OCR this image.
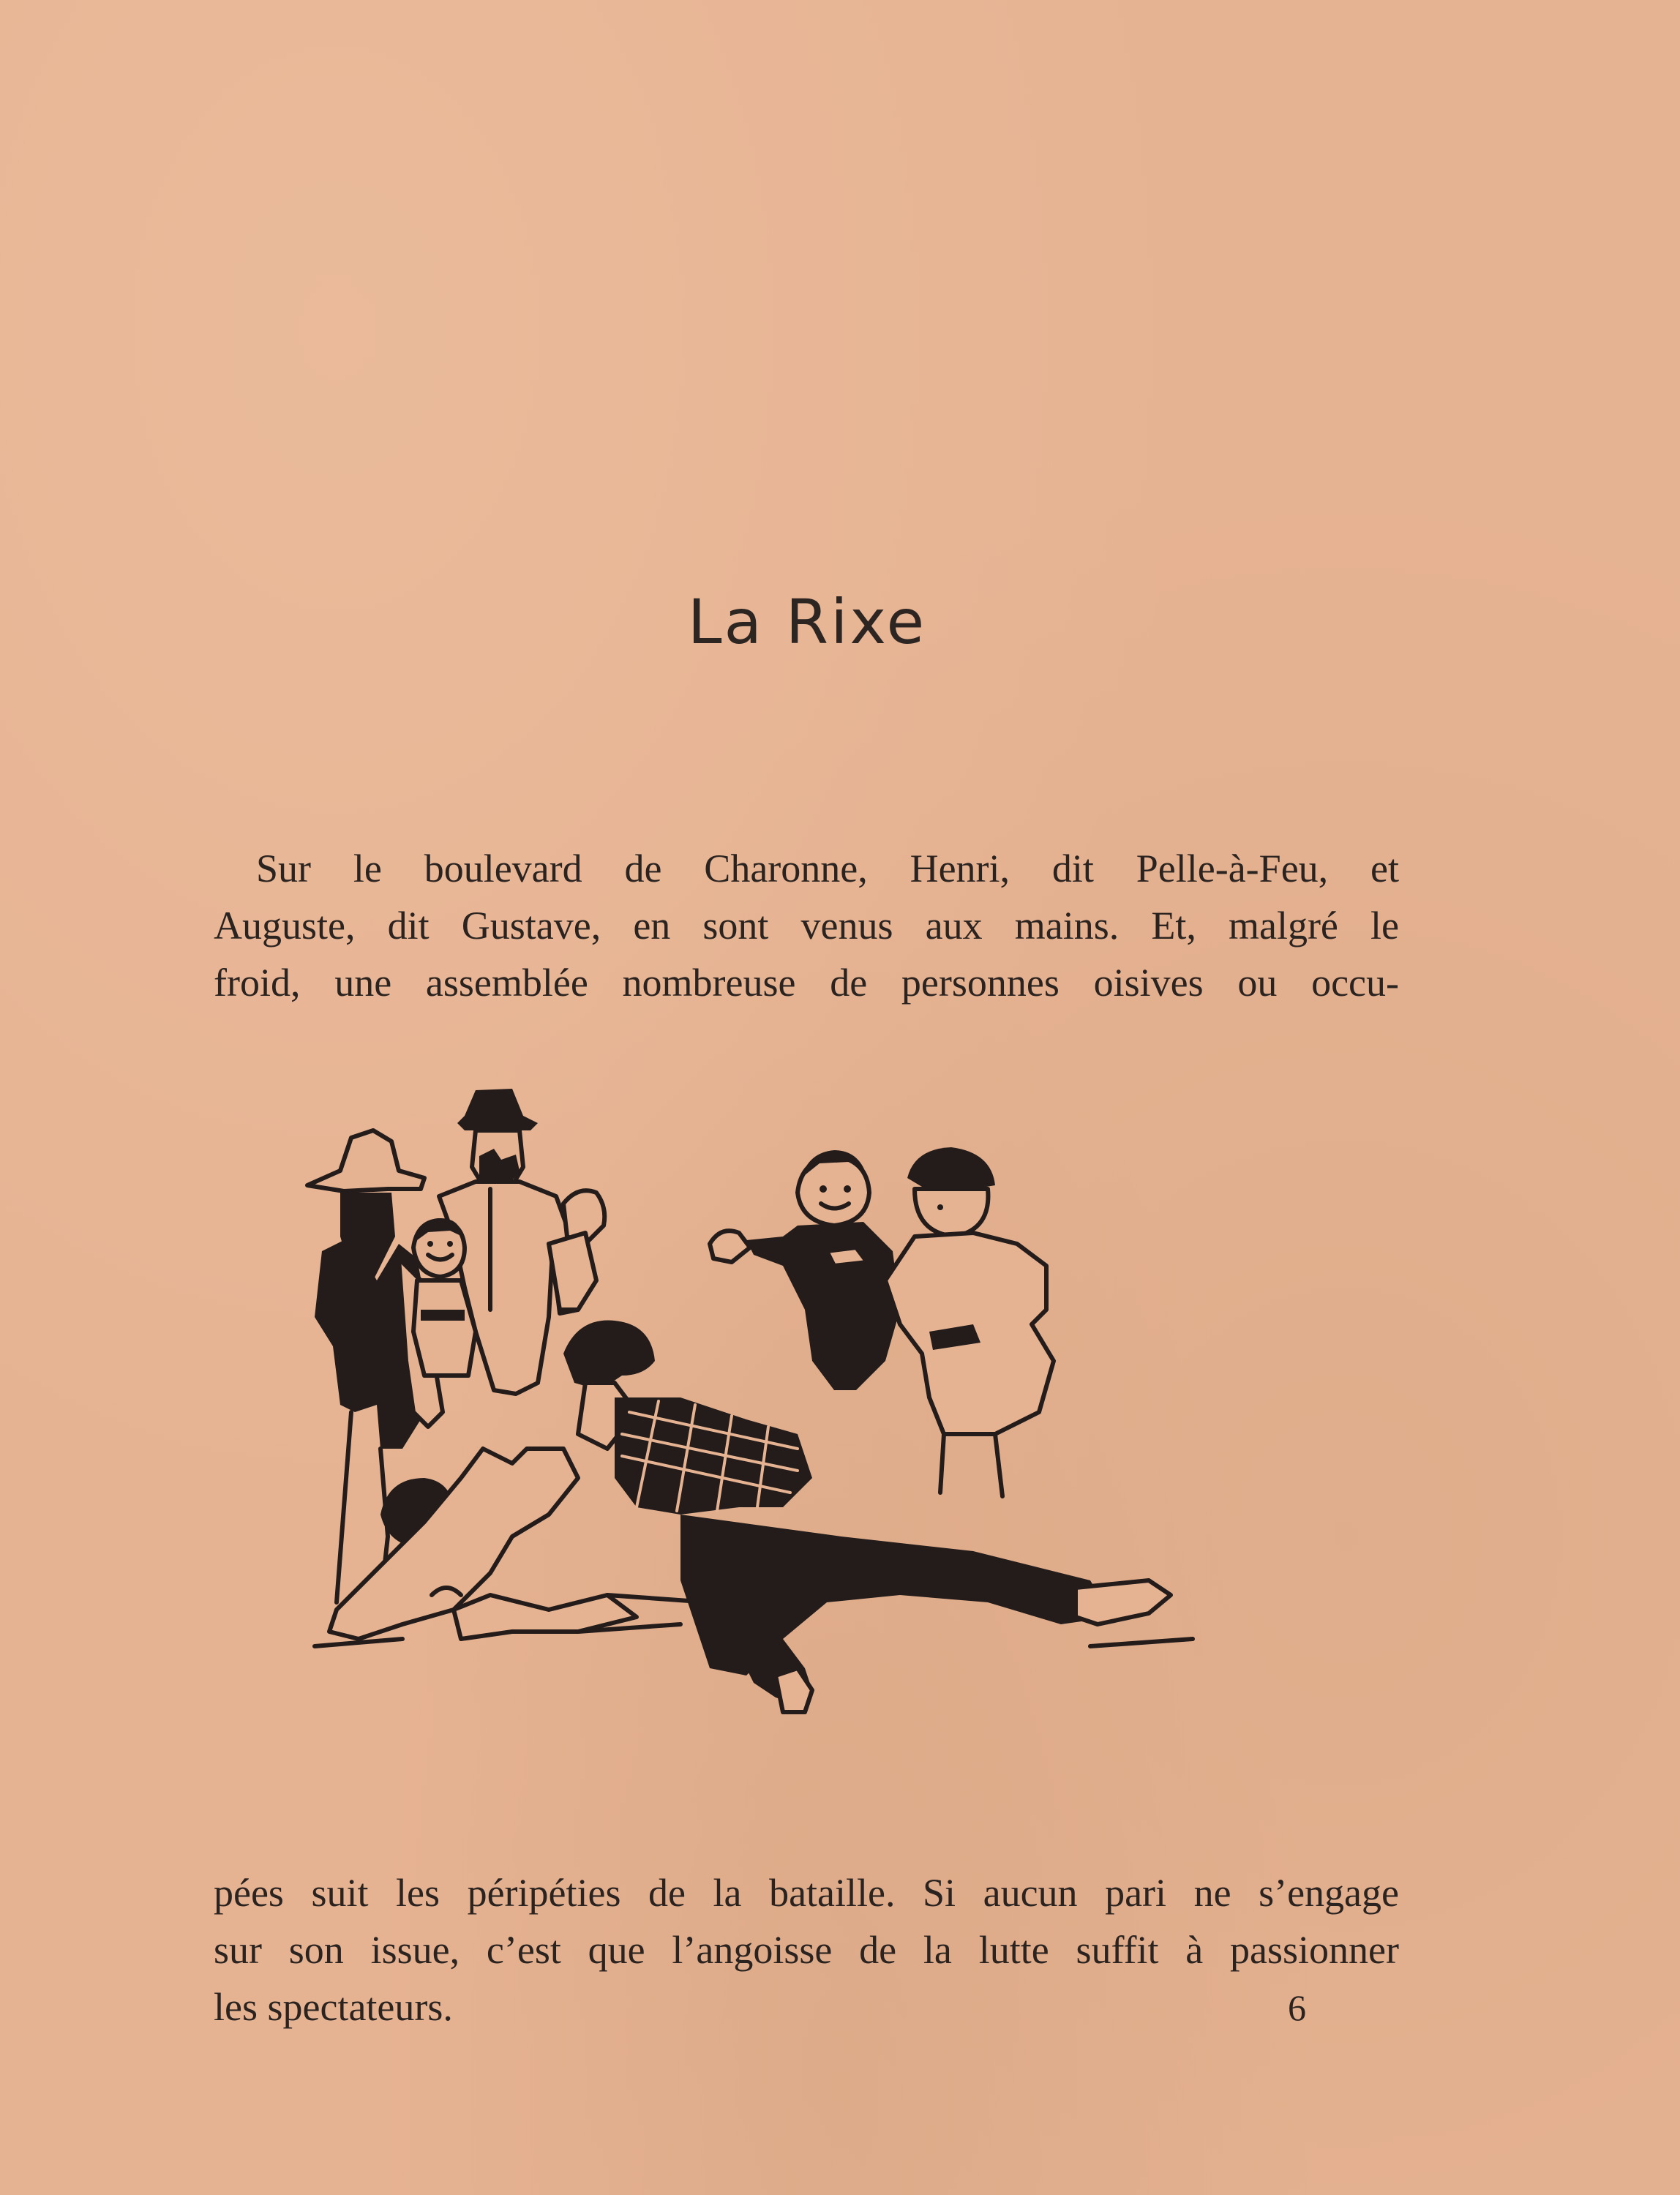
La Rixe
Sur le boulevard de Charonne, Henri, dit Pelle-à-Feu, et
Auguste, dit Gustave, en sont venus aux mains. Et, malgré le
froid, une assemblée nombreuse de personnes oisives ou occu-
pées suit les péripéties de la bataille. Si aucun pari ne s’engage
sur son issue, c’est que l’angoisse de la lutte suffit à passionner
les spectateurs.	6
